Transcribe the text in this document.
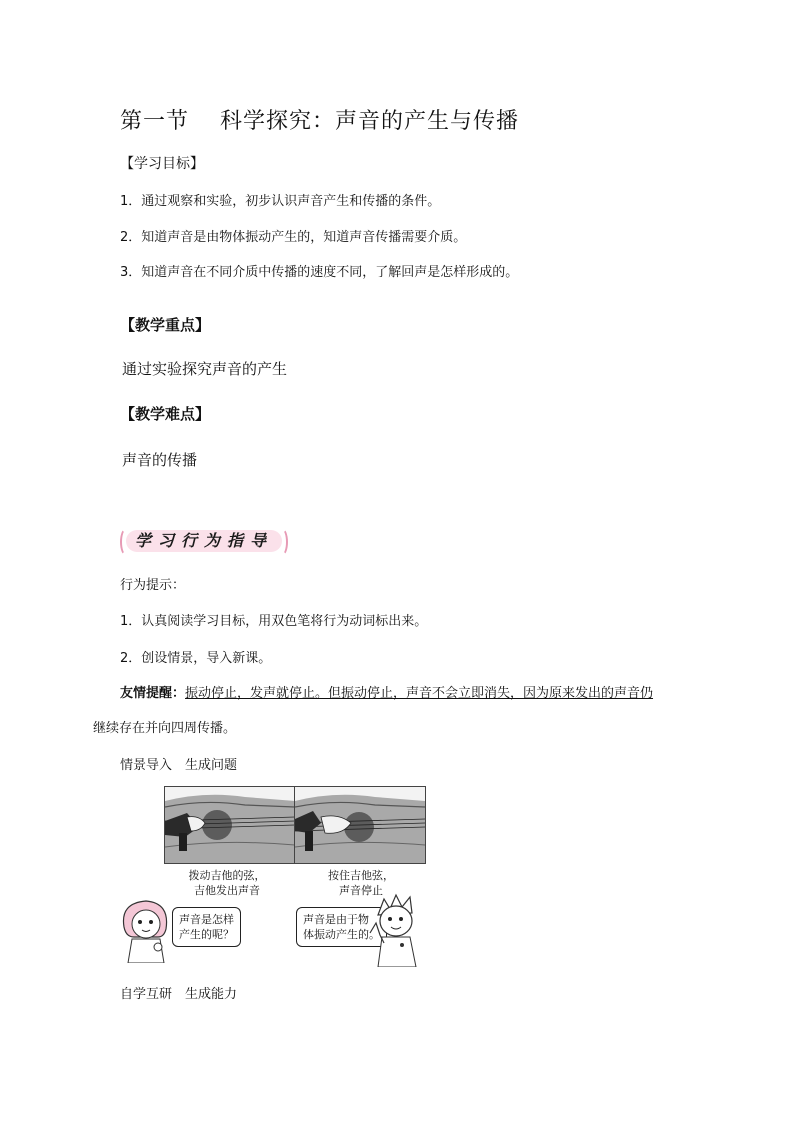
第一节　 科学探究：声音的产生与传播
【学习目标】
1．通过观察和实验，初步认识声音产生和传播的条件。
2．知道声音是由物体振动产生的，知道声音传播需要介质。
3．知道声音在不同介质中传播的速度不同，了解回声是怎样形成的。
【教学重点】
通过实验探究声音的产生
【教学难点】
声音的传播
学习行为指导
行为提示：
1．认真阅读学习目标，用双色笔将行为动词标出来。
2．创设情景，导入新课。
友情提醒：振动停止，发声就停止。但振动停止，声音不会立即消失，因为原来发出的声音仍
继续存在并向四周传播。
情景导入　生成问题
拨动吉他的弦，
吉他发出声音
按住吉他弦，
声音停止
声音是怎样
产生的呢？
声音是由于物
体振动产生的。
自学互研　生成能力
